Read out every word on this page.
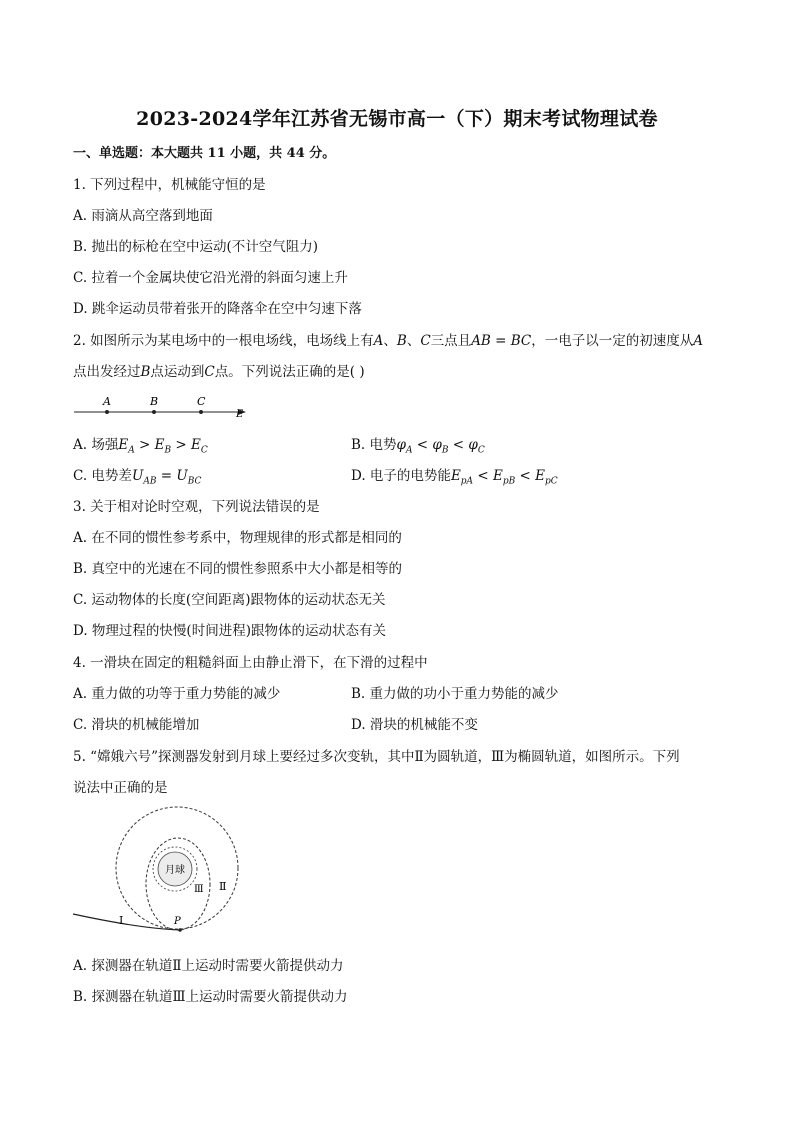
2023-2024学年江苏省无锡市高一（下）期末考试物理试卷
一、单选题：本大题共 11 小题，共 44 分。
1. 下列过程中，机械能守恒的是
A. 雨滴从高空落到地面
B. 抛出的标枪在空中运动(不计空气阻力)
C. 拉着一个金属块使它沿光滑的斜面匀速上升
D. 跳伞运动员带着张开的降落伞在空中匀速下落
2. 如图所示为某电场中的一根电场线，电场线上有A、B、C三点且AB = BC，一电子以一定的初速度从A
点出发经过B点运动到C点。下列说法正确的是( )
A	B	C
E
A. 场强$E_A > E_B > E_C$	B. 电势$\varphi_A < \varphi_B < \varphi_C$
C. 电势差$U_{AB} = U_{BC}$	D. 电子的电势能$E_{pA} < E_{pB} < E_{pC}$
3. 关于相对论时空观，下列说法错误的是
A. 在不同的惯性参考系中，物理规律的形式都是相同的
B. 真空中的光速在不同的惯性参照系中大小都是相等的
C. 运动物体的长度(空间距离)跟物体的运动状态无关
D. 物理过程的快慢(时间进程)跟物体的运动状态有关
4. 一滑块在固定的粗糙斜面上由静止滑下，在下滑的过程中
A. 重力做的功等于重力势能的减少	B. 重力做的功小于重力势能的减少
C. 滑块的机械能增加	D. 滑块的机械能不变
5. “嫦娥六号”探测器发射到月球上要经过多次变轨，其中Ⅱ为圆轨道，Ⅲ为椭圆轨道，如图所示。下列
说法中正确的是
月球
Ⅰ
Ⅱ
Ⅲ
P
A. 探测器在轨道Ⅱ上运动时需要火箭提供动力
B. 探测器在轨道Ⅲ上运动时需要火箭提供动力
